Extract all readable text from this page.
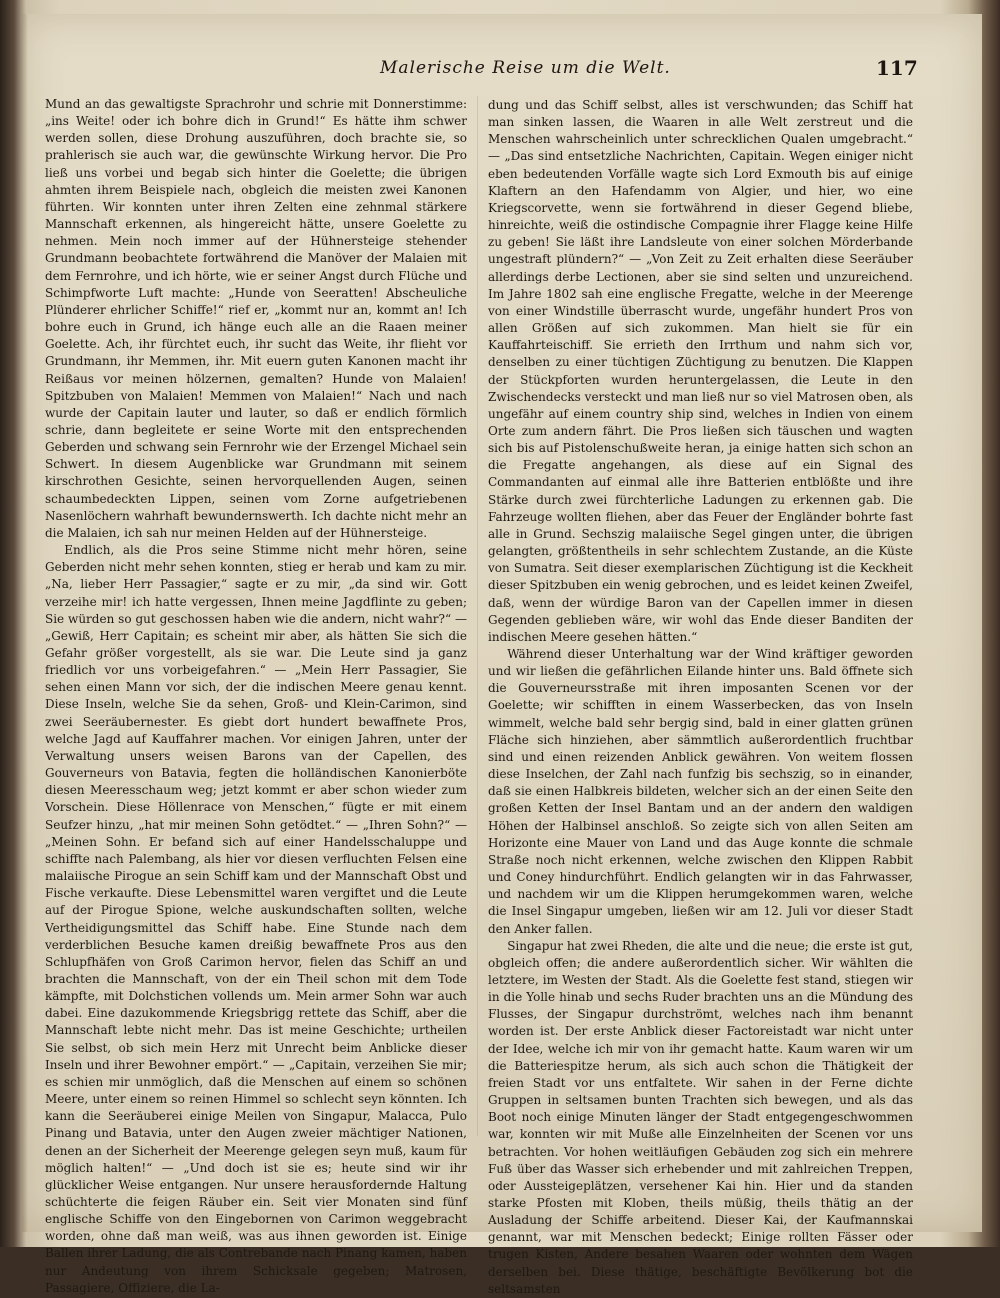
Malerische Reise um die Welt.	117

Mund an das gewaltigste Sprachrohr und schrie mit Donnerstimme: „ins Weite! oder ich bohre dich in Grund!“ Es hätte ihm schwer werden sollen, diese Drohung auszuführen, doch brachte sie, so prahlerisch sie auch war, die gewünschte Wirkung hervor. Die Pro ließ uns vorbei und begab sich hinter die Goelette; die übrigen ahmten ihrem Beispiele nach, obgleich die meisten zwei Kanonen führten. Wir konnten unter ihren Zelten eine zehnmal stärkere Mannschaft erkennen, als hingereicht hätte, unsere Goelette zu nehmen. Mein noch immer auf der Hühnersteige stehender Grundmann beobachtete fortwährend die Manöver der Malaien mit dem Fernrohre, und ich hörte, wie er seiner Angst durch Flüche und Schimpfworte Luft machte: „Hunde von Seeratten! Abscheuliche Plünderer ehrlicher Schiffe!“ rief er, „kommt nur an, kommt an! Ich bohre euch in Grund, ich hänge euch alle an die Raaen meiner Goelette. Ach, ihr fürchtet euch, ihr sucht das Weite, ihr flieht vor Grundmann, ihr Memmen, ihr. Mit euern guten Kanonen macht ihr Reißaus vor meinen hölzernen, gemalten? Hunde von Malaien! Spitzbuben von Malaien! Memmen von Malaien!“ Nach und nach wurde der Capitain lauter und lauter, so daß er endlich förmlich schrie, dann begleitete er seine Worte mit den entsprechenden Geberden und schwang sein Fernrohr wie der Erzengel Michael sein Schwert. In diesem Augenblicke war Grundmann mit seinem kirschrothen Gesichte, seinen hervorquellenden Augen, seinen schaumbedeckten Lippen, seinen vom Zorne aufgetriebenen Nasenlöchern wahrhaft bewundernswerth. Ich dachte nicht mehr an die Malaien, ich sah nur meinen Helden auf der Hühnersteige.

Endlich, als die Pros seine Stimme nicht mehr hören, seine Geberden nicht mehr sehen konnten, stieg er herab und kam zu mir. „Na, lieber Herr Passagier,“ sagte er zu mir, „da sind wir. Gott verzeihe mir! ich hatte vergessen, Ihnen meine Jagdflinte zu geben; Sie würden so gut geschossen haben wie die andern, nicht wahr?“ — „Gewiß, Herr Capitain; es scheint mir aber, als hätten Sie sich die Gefahr größer vorgestellt, als sie war. Die Leute sind ja ganz friedlich vor uns vorbeigefahren.“ — „Mein Herr Passagier, Sie sehen einen Mann vor sich, der die indischen Meere genau kennt. Diese Inseln, welche Sie da sehen, Groß- und Klein-Carimon, sind zwei Seeräubernester. Es giebt dort hundert bewaffnete Pros, welche Jagd auf Kauffahrer machen. Vor einigen Jahren, unter der Verwaltung unsers weisen Barons van der Capellen, des Gouverneurs von Batavia, fegten die holländischen Kanonierböte diesen Meeresschaum weg; jetzt kommt er aber schon wieder zum Vorschein. Diese Höllenrace von Menschen,“ fügte er mit einem Seufzer hinzu, „hat mir meinen Sohn getödtet.“ — „Ihren Sohn?“ — „Meinen Sohn. Er befand sich auf einer Handelsschaluppe und schiffte nach Palembang, als hier vor diesen verfluchten Felsen eine malaiische Pirogue an sein Schiff kam und der Mannschaft Obst und Fische verkaufte. Diese Lebensmittel waren vergiftet und die Leute auf der Pirogue Spione, welche auskundschaften sollten, welche Vertheidigungsmittel das Schiff habe. Eine Stunde nach dem verderblichen Besuche kamen dreißig bewaffnete Pros aus den Schlupfhäfen von Groß Carimon hervor, fielen das Schiff an und brachten die Mannschaft, von der ein Theil schon mit dem Tode kämpfte, mit Dolchstichen vollends um. Mein armer Sohn war auch dabei. Eine dazukommende Kriegsbrigg rettete das Schiff, aber die Mannschaft lebte nicht mehr. Das ist meine Geschichte; urtheilen Sie selbst, ob sich mein Herz mit Unrecht beim Anblicke dieser Inseln und ihrer Bewohner empört.“ — „Capitain, verzeihen Sie mir; es schien mir unmöglich, daß die Menschen auf einem so schönen Meere, unter einem so reinen Himmel so schlecht seyn könnten. Ich kann die Seeräuberei einige Meilen von Singapur, Malacca, Pulo Pinang und Batavia, unter den Augen zweier mächtiger Nationen, denen an der Sicherheit der Meerenge gelegen seyn muß, kaum für möglich halten!“ — „Und doch ist sie es; heute sind wir ihr glücklicher Weise entgangen. Nur unsere herausfordernde Haltung schüchterte die feigen Räuber ein. Seit vier Monaten sind fünf englische Schiffe von den Eingebornen von Carimon weggebracht worden, ohne daß man weiß, was aus ihnen geworden ist. Einige Ballen ihrer Ladung, die als Contrebande nach Pinang kamen, haben nur Andeutung von ihrem Schicksale gegeben; Matrosen, Passagiere, Offiziere, die La-

dung und das Schiff selbst, alles ist verschwunden; das Schiff hat man sinken lassen, die Waaren in alle Welt zerstreut und die Menschen wahrscheinlich unter schrecklichen Qualen umgebracht.“ — „Das sind entsetzliche Nachrichten, Capitain. Wegen einiger nicht eben bedeutenden Vorfälle wagte sich Lord Exmouth bis auf einige Klaftern an den Hafendamm von Algier, und hier, wo eine Kriegscorvette, wenn sie fortwährend in dieser Gegend bliebe, hinreichte, weiß die ostindische Compagnie ihrer Flagge keine Hilfe zu geben! Sie läßt ihre Landsleute von einer solchen Mörderbande ungestraft plündern?“ — „Von Zeit zu Zeit erhalten diese Seeräuber allerdings derbe Lectionen, aber sie sind selten und unzureichend. Im Jahre 1802 sah eine englische Fregatte, welche in der Meerenge von einer Windstille überrascht wurde, ungefähr hundert Pros von allen Größen auf sich zukommen. Man hielt sie für ein Kauffahrteischiff. Sie errieth den Irrthum und nahm sich vor, denselben zu einer tüchtigen Züchtigung zu benutzen. Die Klappen der Stückpforten wurden heruntergelassen, die Leute in den Zwischendecks versteckt und man ließ nur so viel Matrosen oben, als ungefähr auf einem country ship sind, welches in Indien von einem Orte zum andern fährt. Die Pros ließen sich täuschen und wagten sich bis auf Pistolenschußweite heran, ja einige hatten sich schon an die Fregatte angehangen, als diese auf ein Signal des Commandanten auf einmal alle ihre Batterien entblößte und ihre Stärke durch zwei fürchterliche Ladungen zu erkennen gab. Die Fahrzeuge wollten fliehen, aber das Feuer der Engländer bohrte fast alle in Grund. Sechszig malaiische Segel gingen unter, die übrigen gelangten, größtentheils in sehr schlechtem Zustande, an die Küste von Sumatra. Seit dieser exemplarischen Züchtigung ist die Keckheit dieser Spitzbuben ein wenig gebrochen, und es leidet keinen Zweifel, daß, wenn der würdige Baron van der Capellen immer in diesen Gegenden geblieben wäre, wir wohl das Ende dieser Banditen der indischen Meere gesehen hätten.“

Während dieser Unterhaltung war der Wind kräftiger geworden und wir ließen die gefährlichen Eilande hinter uns. Bald öffnete sich die Gouverneursstraße mit ihren imposanten Scenen vor der Goelette; wir schifften in einem Wasserbecken, das von Inseln wimmelt, welche bald sehr bergig sind, bald in einer glatten grünen Fläche sich hinziehen, aber sämmtlich außerordentlich fruchtbar sind und einen reizenden Anblick gewähren. Von weitem flossen diese Inselchen, der Zahl nach funfzig bis sechszig, so in einander, daß sie einen Halbkreis bildeten, welcher sich an der einen Seite den großen Ketten der Insel Bantam und an der andern den waldigen Höhen der Halbinsel anschloß. So zeigte sich von allen Seiten am Horizonte eine Mauer von Land und das Auge konnte die schmale Straße noch nicht erkennen, welche zwischen den Klippen Rabbit und Coney hindurchführt. Endlich gelangten wir in das Fahrwasser, und nachdem wir um die Klippen herumgekommen waren, welche die Insel Singapur umgeben, ließen wir am 12. Juli vor dieser Stadt den Anker fallen.

Singapur hat zwei Rheden, die alte und die neue; die erste ist gut, obgleich offen; die andere außerordentlich sicher. Wir wählten die letztere, im Westen der Stadt. Als die Goelette fest stand, stiegen wir in die Yolle hinab und sechs Ruder brachten uns an die Mündung des Flusses, der Singapur durchströmt, welches nach ihm benannt worden ist. Der erste Anblick dieser Factoreistadt war nicht unter der Idee, welche ich mir von ihr gemacht hatte. Kaum waren wir um die Batteriespitze herum, als sich auch schon die Thätigkeit der freien Stadt vor uns entfaltete. Wir sahen in der Ferne dichte Gruppen in seltsamen bunten Trachten sich bewegen, und als das Boot noch einige Minuten länger der Stadt entgegengeschwommen war, konnten wir mit Muße alle Einzelnheiten der Scenen vor uns betrachten. Vor hohen weitläufigen Gebäuden zog sich ein mehrere Fuß über das Wasser sich erhebender und mit zahlreichen Treppen, oder Aussteigeplätzen, versehener Kai hin. Hier und da standen starke Pfosten mit Kloben, theils müßig, theils thätig an der Ausladung der Schiffe arbeitend. Dieser Kai, der Kaufmannskai genannt, war mit Menschen bedeckt; Einige rollten Fässer oder trugen Kisten, Andere besahen Waaren oder wohnten dem Wägen derselben bei. Diese thätige, beschäftigte Bevölkerung bot die seltsamsten
